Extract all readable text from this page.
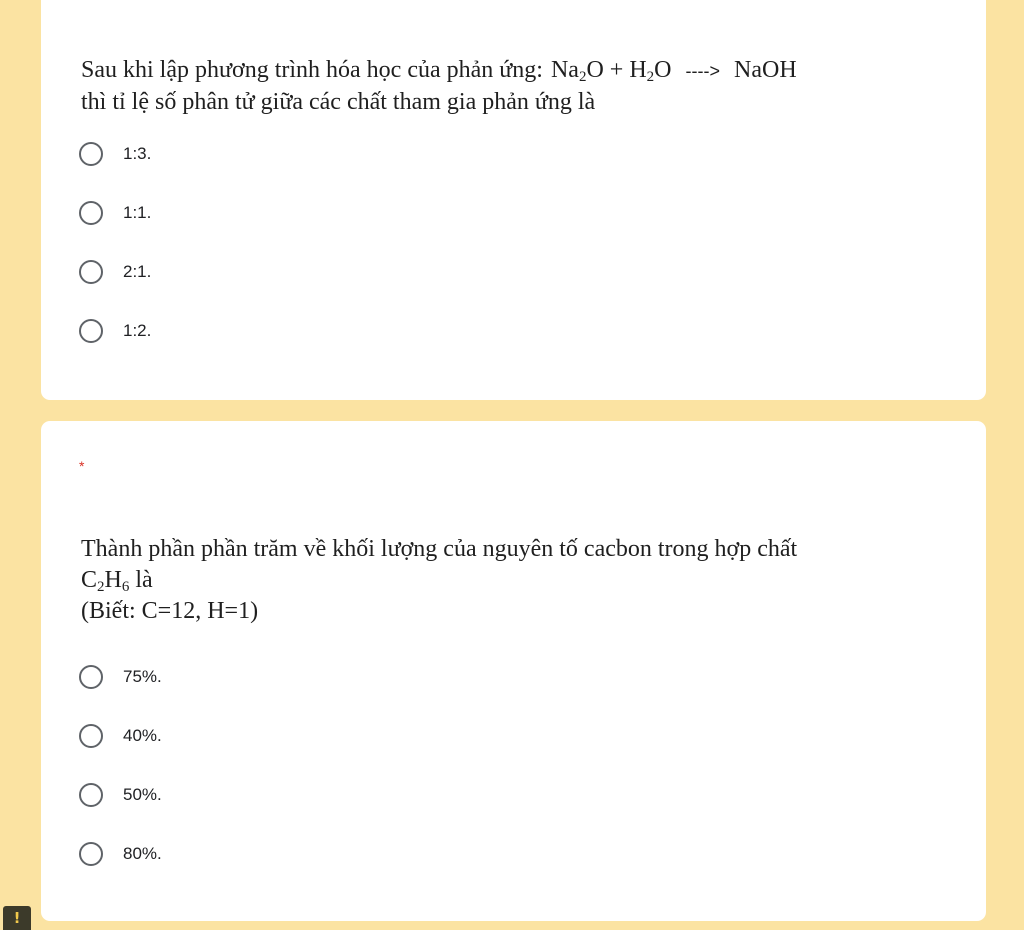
Sau khi lập phương trình hóa học của phản ứng: $Na_2O + H_2O$ ----> NaOH
thì tỉ lệ số phân tử giữa các chất tham gia phản ứng là
1:3.
1:1.
2:1.
1:2.
*
Thành phần phần trăm về khối lượng của nguyên tố cacbon trong hợp chất
$C_2H_6$ là
(Biết: C=12, H=1)
75%.
40%.
50%.
80%.
!
